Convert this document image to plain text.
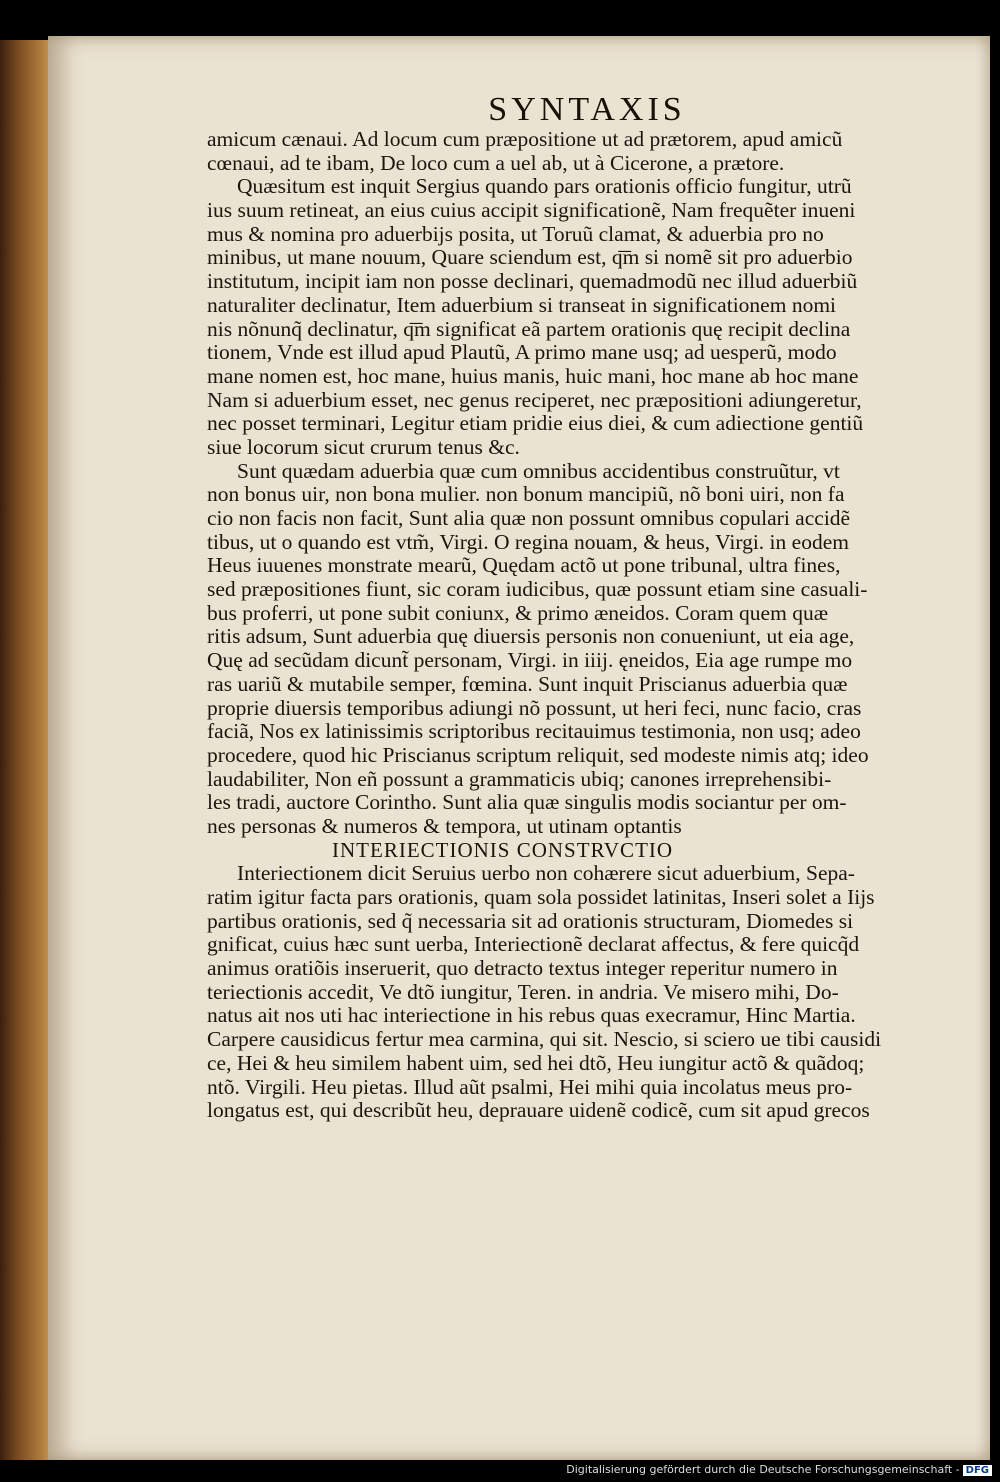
SYNTAXIS
amicum cænaui. Ad locum cum præpositione ut ad prætorem, apud amicũ
cœnaui, ad te ibam, De loco cum a uel ab, ut à Cicerone, a prætore.
Quæsitum est inquit Sergius quando pars orationis officio fungitur, utrũ
ius suum retineat, an eius cuius accipit significationẽ, Nam frequẽter inueni
mus & nomina pro aduerbijs posita, ut Toruũ clamat, & aduerbia pro no
minibus, ut mane nouum, Quare sciendum est, q͞m si nomẽ sit pro aduerbio
institutum, incipit iam non posse declinari, quemadmodũ nec illud aduerbiũ
naturaliter declinatur, Item aduerbium si transeat in significationem nomi
nis nõnunq̃ declinatur, q͞m significat eã partem orationis quę recipit declina
tionem, Vnde est illud apud Plautũ, A primo mane usq; ad uesperũ, modo
mane nomen est, hoc mane, huius manis, huic mani, hoc mane ab hoc mane
Nam si aduerbium esset, nec genus reciperet, nec præpositioni adiungeretur,
nec posset terminari, Legitur etiam pridie eius diei, & cum adiectione gentiũ
siue locorum sicut crurum tenus &c.
Sunt quædam aduerbia quæ cum omnibus accidentibus construũtur, vt
non bonus uir, non bona mulier. non bonum mancipiũ, nõ boni uiri, non fa
cio non facis non facit, Sunt alia quæ non possunt omnibus copulari accidẽ
tibus, ut o quando est vtm̃, Virgi. O regina nouam, & heus, Virgi. in eodem
Heus iuuenes monstrate mearũ, Quędam actõ ut pone tribunal, ultra fines,
sed præpositiones fiunt, sic coram iudicibus, quæ possunt etiam sine casuali-
bus proferri, ut pone subit coniunx, & primo æneidos. Coram quem quæ
ritis adsum, Sunt aduerbia quę diuersis personis non conueniunt, ut eia age,
Quę ad secũdam dicunt̃ personam, Virgi. in iiij. ęneidos, Eia age rumpe mo
ras uariũ & mutabile semper, fœmina. Sunt inquit Priscianus aduerbia quæ
proprie diuersis temporibus adiungi nõ possunt, ut heri feci, nunc facio, cras
faciã, Nos ex latinissimis scriptoribus recitauimus testimonia, non usq; adeo
procedere, quod hic Priscianus scriptum reliquit, sed modeste nimis atq; ideo
laudabiliter, Non eñ possunt a grammaticis ubiq; canones irreprehensibi-
les tradi, auctore Corintho. Sunt alia quæ singulis modis sociantur per om-
nes personas & numeros & tempora, ut utinam optantis
INTERIECTIONIS CONSTRVCTIO
Interiectionem dicit Seruius uerbo non cohærere sicut aduerbium, Sepa-
ratim igitur facta pars orationis, quam sola possidet latinitas, Inseri solet a Iijs
partibus orationis, sed q̃ necessaria sit ad orationis structuram, Diomedes si
gnificat, cuius hæc sunt uerba, Interiectionẽ declarat affectus, & fere quicq̃d
animus oratiõis inseruerit, quo detracto textus integer reperitur numero in
teriectionis accedit, Ve dtõ iungitur, Teren. in andria. Ve misero mihi, Do-
natus ait nos uti hac interiectione in his rebus quas execramur, Hinc Martia.
Carpere causidicus fertur mea carmina, qui sit. Nescio, si sciero ue tibi causidi
ce, Hei & heu similem habent uim, sed hei dtõ, Heu iungitur actõ & quãdoq;
ntõ. Virgili. Heu pietas. Illud aũt psalmi, Hei mihi quia incolatus meus pro-
longatus est, qui describũt heu, deprauare uidenẽ codicẽ, cum sit apud grecos
Digitalisierung gefördert durch die Deutsche Forschungsgemeinschaft - DFG
